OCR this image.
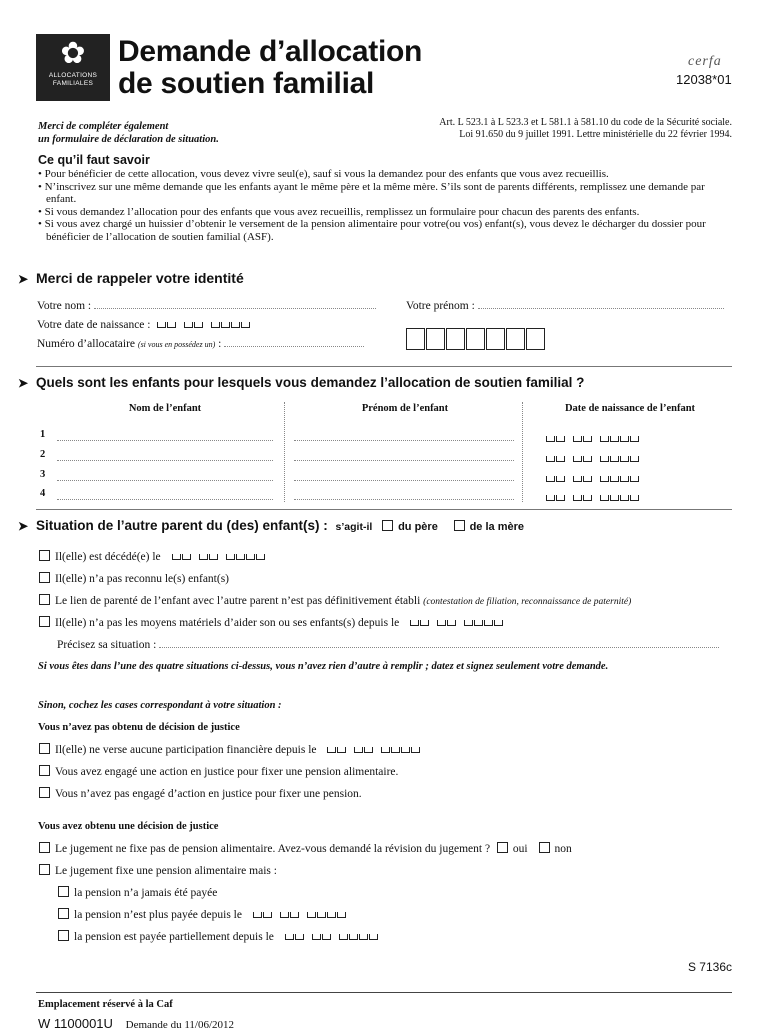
✿
ALLOCATIONS
FAMILIALES
Demande d’allocation
de soutien familial
cerfa
12038*01
Merci de compléter également
un formulaire de déclaration de situation.
Art. L 523.1 à L 523.3 et L 581.1 à 581.10 du code de la Sécurité sociale.
Loi 91.650 du 9 juillet 1991. Lettre ministérielle du 22 février 1994.
Ce qu’il faut savoir
• Pour bénéficier de cette allocation, vous devez vivre seul(e), sauf si vous la demandez pour des enfants que vous avez recueillis.
• N’inscrivez sur une même demande que les enfants ayant le même père et la même mère. S’ils sont de parents différents, remplissez une demande par enfant.
• Si vous demandez l’allocation pour des enfants que vous avez recueillis, remplissez un formulaire pour chacun des parents des enfants.
• Si vous avez chargé un huissier d’obtenir le versement de la pension alimentaire pour votre(ou vos) enfant(s), vous devez le décharger du dossier pour bénéficier de l’allocation de soutien familial (ASF).
➤ Merci de rappeler votre identité
Votre nom :	Votre prénom :
Votre date de naissance :
Numéro d’allocataire (si vous en possédez un) :
➤ Quels sont les enfants pour lesquels vous demandez l’allocation de soutien familial ?
Nom de l’enfant	Prénom de l’enfant	Date de naissance de l’enfant
1
2
3
4
➤ Situation de l’autre parent du (des) enfant(s) : s’agit-il du père	de la mère
Il(elle) est décédé(e) le
Il(elle) n’a pas reconnu le(s) enfant(s)
Le lien de parenté de l’enfant avec l’autre parent n’est pas définitivement établi (contestation de filiation, reconnaissance de paternité)
Il(elle) n’a pas les moyens matériels d’aider son ou ses enfants(s) depuis le
Précisez sa situation :
Si vous êtes dans l’une des quatre situations ci-dessus, vous n’avez rien d’autre à remplir ; datez et signez seulement votre demande.
Sinon, cochez les cases correspondant à votre situation :
Vous n’avez pas obtenu de décision de justice
Il(elle) ne verse aucune participation financière depuis le
Vous avez engagé une action en justice pour fixer une pension alimentaire.
Vous n’avez pas engagé d’action en justice pour fixer une pension.
Vous avez obtenu une décision de justice
Le jugement ne fixe pas de pension alimentaire. Avez-vous demandé la révision du jugement ? oui non
Le jugement fixe une pension alimentaire mais :
la pension n’a jamais été payée
la pension n’est plus payée depuis le
la pension est payée partiellement depuis le
S 7136c
Emplacement réservé à la Caf
W 1100001U Demande du 11/06/2012
